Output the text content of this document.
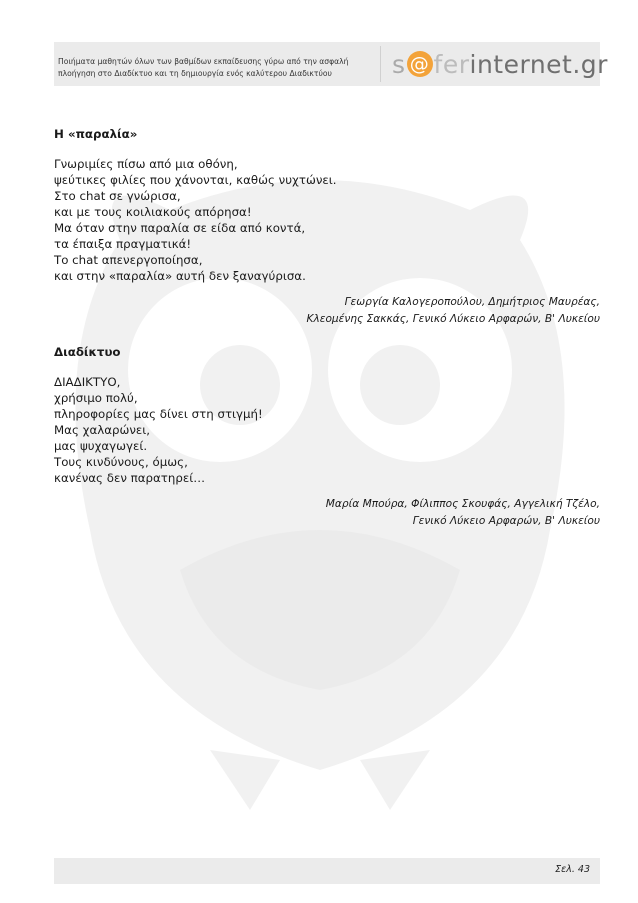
Ποιήματα μαθητών όλων των βαθμίδων εκπαίδευσης γύρω από την ασφαλή
πλοήγηση στο Διαδίκτυο και τη δημιουργία ενός καλύτερου Διαδικτύου	s @ fer internet.gr
Η «παραλία»
Γνωριμίες πίσω από μια οθόνη,
ψεύτικες φιλίες που χάνονται, καθώς νυχτώνει.
Στο chat σε γνώρισα,
και με τους κοιλιακούς απόρησα!
Μα όταν στην παραλία σε είδα από κοντά,
τα έπαιξα πραγματικά!
Το chat απενεργοποίησα,
και στην «παραλία» αυτή δεν ξαναγύρισα.
Γεωργία Καλογεροπούλου, Δημήτριος Μαυρέας,
Κλεομένης Σακκάς, Γενικό Λύκειο Αρφαρών, Β' Λυκείου
Διαδίκτυο
ΔΙΑΔΙΚΤΥΟ,
χρήσιμο πολύ,
πληροφορίες μας δίνει στη στιγμή!
Μας χαλαρώνει,
μας ψυχαγωγεί.
Τους κινδύνους, όμως,
κανένας δεν παρατηρεί…
Μαρία Μπούρα, Φίλιππος Σκουφάς, Αγγελική Τζέλο,
Γενικό Λύκειο Αρφαρών, Β' Λυκείου
Σελ. 43
